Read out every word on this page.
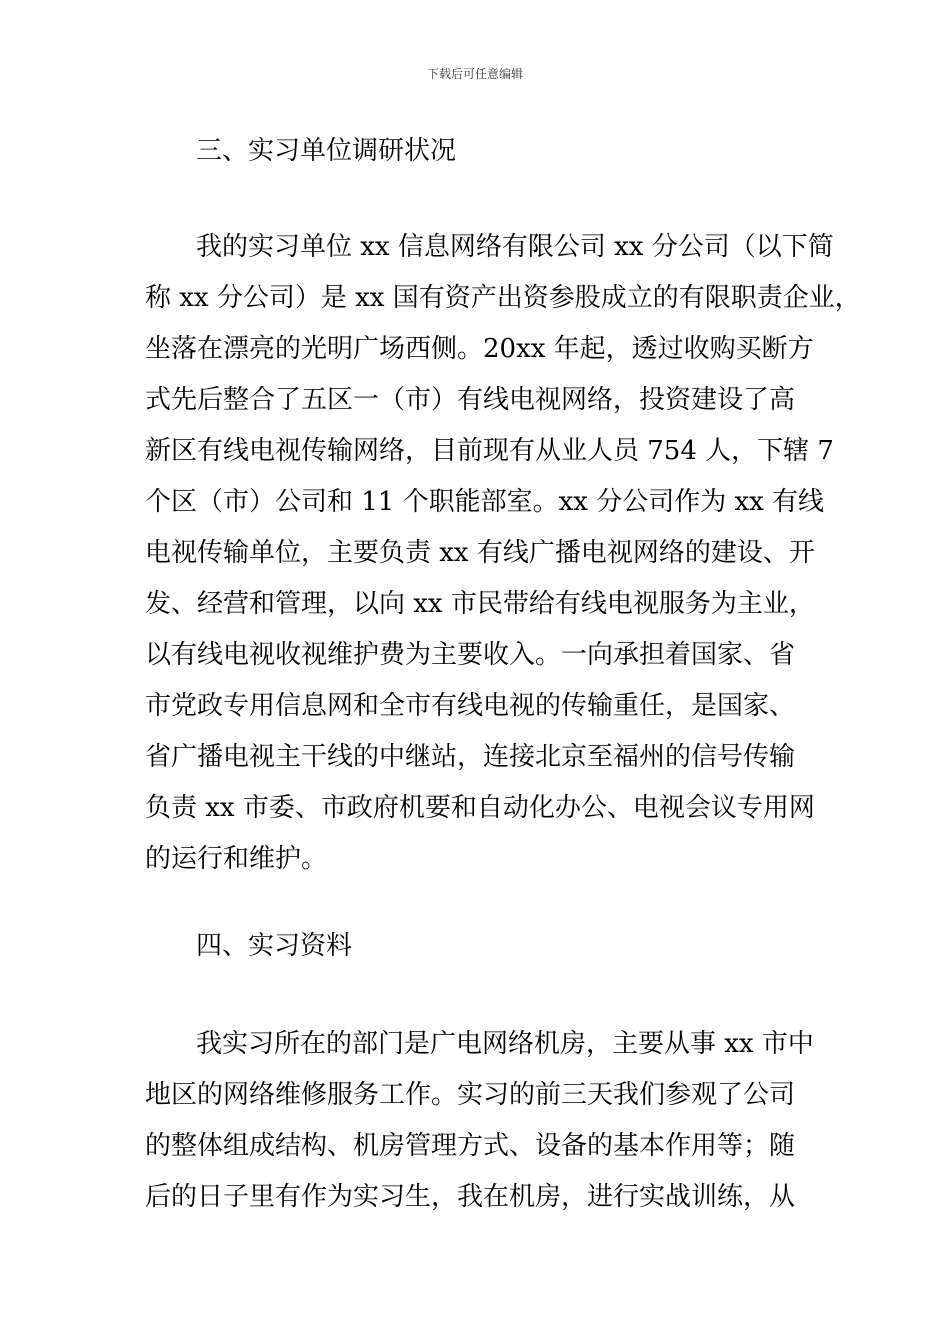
下载后可任意编辑
三、实习单位调研状况
我的实习单位 xx 信息网络有限公司 xx 分公司（以下简
称 xx 分公司）是 xx 国有资产出资参股成立的有限职责企业，
坐落在漂亮的光明广场西侧。20xx 年起，透过收购买断方
式先后整合了五区一（市）有线电视网络，投资建设了高
新区有线电视传输网络，目前现有从业人员 754 人，下辖 7
个区（市）公司和 11 个职能部室。xx 分公司作为 xx 有线
电视传输单位，主要负责 xx 有线广播电视网络的建设、开
发、经营和管理，以向 xx 市民带给有线电视服务为主业，
以有线电视收视维护费为主要收入。一向承担着国家、省
市党政专用信息网和全市有线电视的传输重任，是国家、
省广播电视主干线的中继站，连接北京至福州的信号传输
负责 xx 市委、市政府机要和自动化办公、电视会议专用网
的运行和维护。
四、实习资料
我实习所在的部门是广电网络机房，主要从事 xx 市中
地区的网络维修服务工作。实习的前三天我们参观了公司
的整体组成结构、机房管理方式、设备的基本作用等；随
后的日子里有作为实习生，我在机房，进行实战训练，从
